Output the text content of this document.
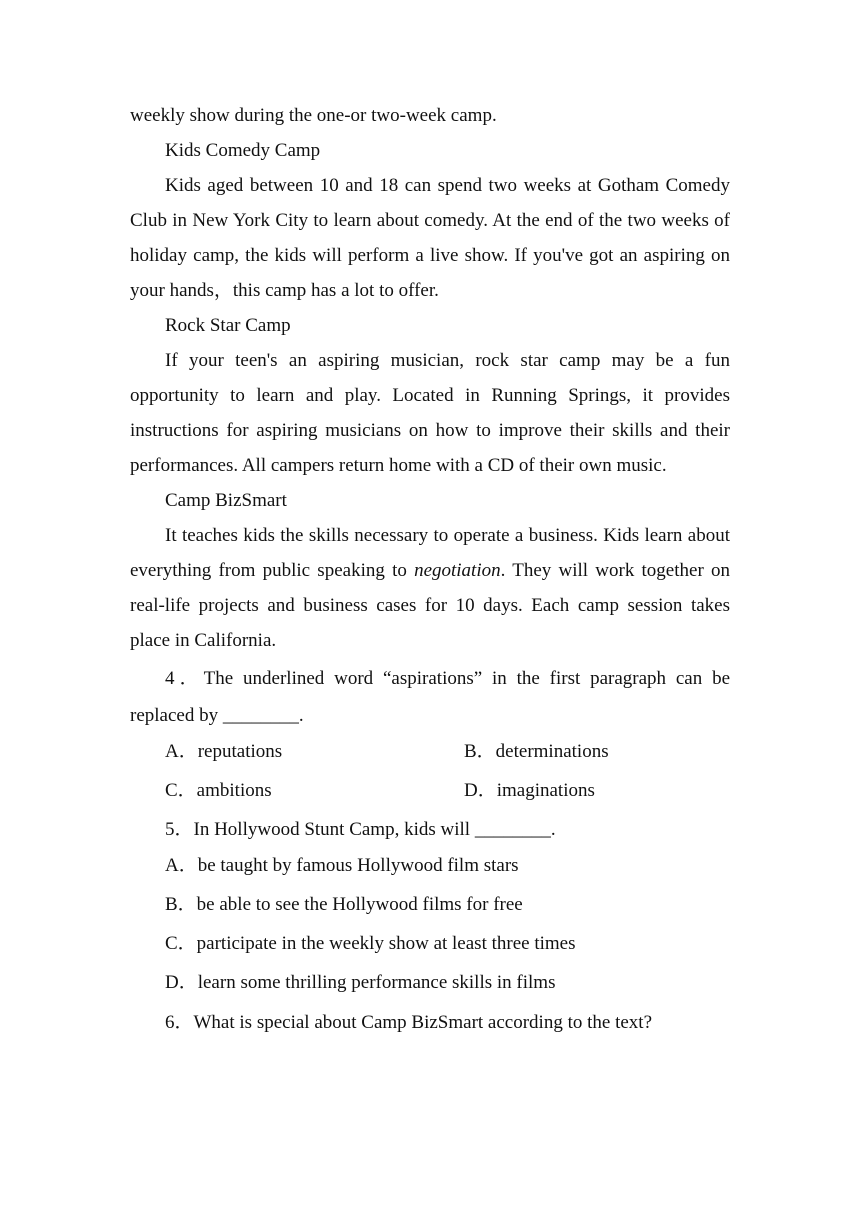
weekly show during the one-or two-week camp.

Kids Comedy Camp

Kids aged between 10 and 18 can spend two weeks at Gotham Comedy Club in New York City to learn about comedy. At the end of the two weeks of holiday camp, the kids will perform a live show. If you've got an aspiring on your hands，this camp has a lot to offer.

Rock Star Camp

If your teen's an aspiring musician, rock star camp may be a fun opportunity to learn and play. Located in Running Springs, it provides instructions for aspiring musicians on how to improve their skills and their performances. All campers return home with a CD of their own music.

Camp BizSmart

It teaches kids the skills necessary to operate a business. Kids learn about everything from public speaking to negotiation. They will work together on real-life projects and business cases for 10 days. Each camp session takes place in California.

4．The underlined word “aspirations” in the first paragraph can be replaced by ________.

A．reputations	B．determinations
C．ambitions	D．imaginations

5．In Hollywood Stunt Camp, kids will ________.

A．be taught by famous Hollywood film stars
B．be able to see the Hollywood films for free
C．participate in the weekly show at least three times
D．learn some thrilling performance skills in films

6．What is special about Camp BizSmart according to the text?
